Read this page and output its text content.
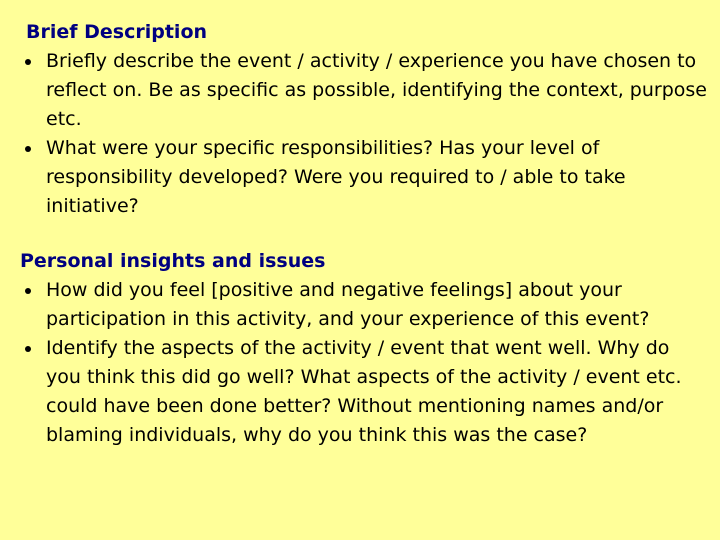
Brief Description
Briefly describe the event / activity / experience you have chosen to reflect on. Be as specific as possible, identifying the context, purpose etc.
What were your specific responsibilities? Has your level of responsibility developed? Were you required to / able to take initiative?
Personal insights and issues
How did you feel [positive and negative feelings] about your participation in this activity, and your experience of this event?
Identify the aspects of the activity / event that went well. Why do you think this did go well? What aspects of the activity / event etc. could have been done better? Without mentioning names and/or blaming individuals, why do you think this was the case?
